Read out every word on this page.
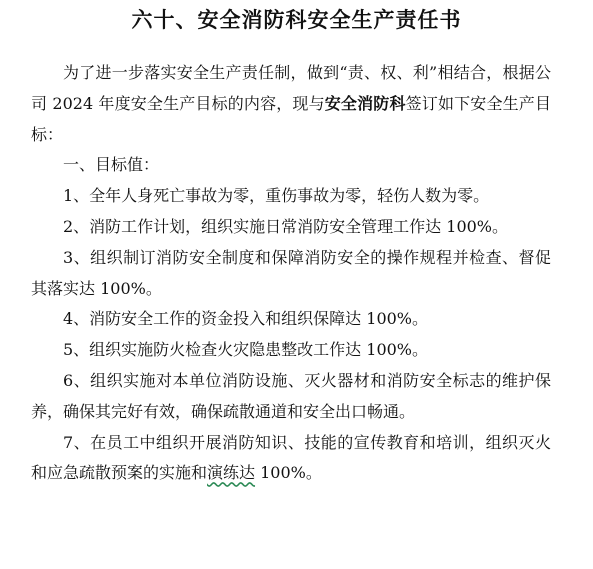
六十、安全消防科安全生产责任书

为了进一步落实安全生产责任制，做到“责、权、利”相结合，根据公司 2024 年度安全生产目标的内容，现与安全消防科签订如下安全生产目标：

一、目标值：

1、全年人身死亡事故为零，重伤事故为零，轻伤人数为零。

2、消防工作计划，组织实施日常消防安全管理工作达 100%。

3、组织制订消防安全制度和保障消防安全的操作规程并检查、督促其落实达 100%。

4、消防安全工作的资金投入和组织保障达 100%。

5、组织实施防火检查火灾隐患整改工作达 100%。

6、组织实施对本单位消防设施、灭火器材和消防安全标志的维护保养，确保其完好有效，确保疏散通道和安全出口畅通。

7、在员工中组织开展消防知识、技能的宣传教育和培训，组织灭火和应急疏散预案的实施和演练达 100%。
